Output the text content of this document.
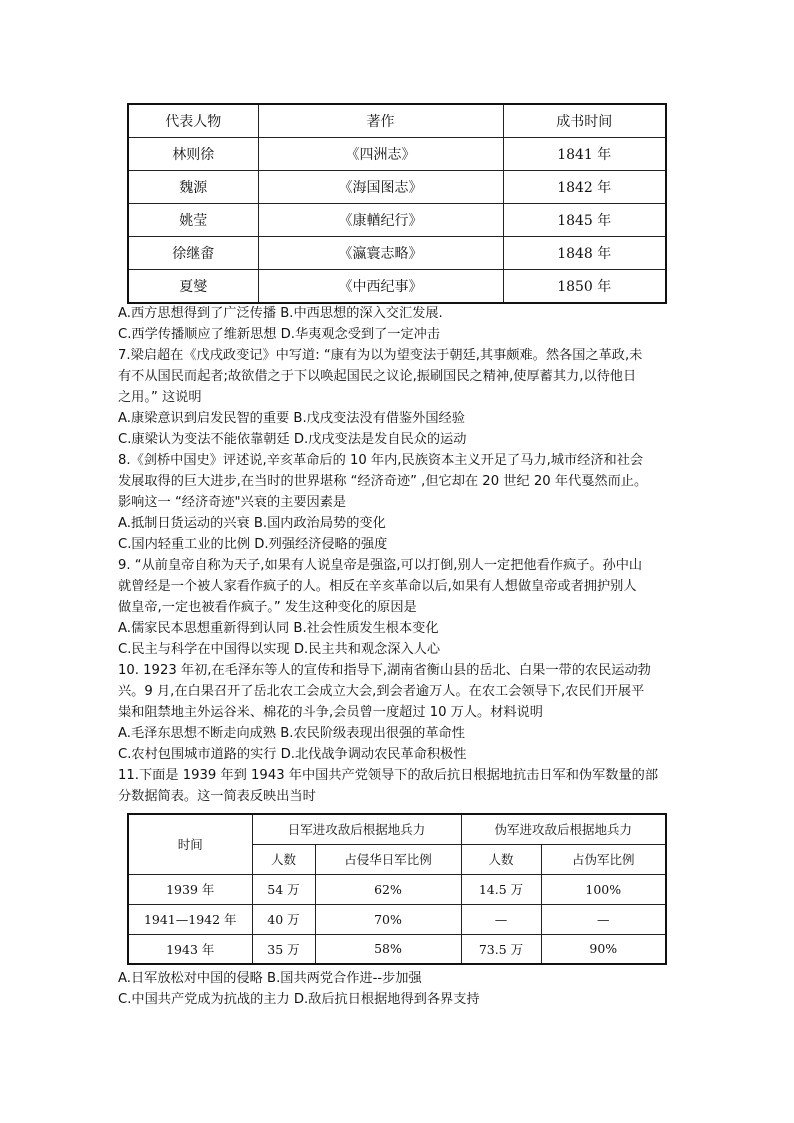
代表人物	著作	成书时间
林则徐	《四洲志》	1841 年
魏源	《海国图志》	1842 年
姚莹	《康輶纪行》	1845 年
徐继畬	《瀛寰志略》	1848 年
夏燮	《中西纪事》	1850 年
A.西方思想得到了广泛传播 B.中西思想的深入交汇发展.
C.西学传播顺应了维新思想 D.华夷观念受到了一定冲击
7.梁启超在《戊戌政变记》中写道: “康有为以为望变法于朝廷,其事颇难。然各国之革政,未
有不从国民而起者;故欲借之于下以唤起国民之议论,振刷国民之精神,使厚蓄其力,以待他日
之用。” 这说明
A.康梁意识到启发民智的重要 B.戊戌变法没有借鉴外国经验
C.康梁认为变法不能依靠朝廷 D.戊戌变法是发自民众的运动
8.《剑桥中国史》评述说,辛亥革命后的 10 年内,民族资本主义开足了马力,城市经济和社会
发展取得的巨大进步,在当时的世界堪称 “经济奇迹” ,但它却在 20 世纪 20 年代戛然而止。
影响这一 “经济奇迹"兴衰的主要因素是
A.抵制日货运动的兴衰 B.国内政治局势的变化
C.国内轻重工业的比例 D.列强经济侵略的强度
9. “从前皇帝自称为天子,如果有人说皇帝是强盗,可以打倒,别人一定把他看作疯子。孙中山
就曾经是一个被人家看作疯子的人。相反在辛亥革命以后,如果有人想做皇帝或者拥护别人
做皇帝,一定也被看作疯子。” 发生这种变化的原因是
A.儒家民本思想重新得到认同 B.社会性质发生根本变化
C.民主与科学在中国得以实现 D.民主共和观念深入人心
10. 1923 年初,在毛泽东等人的宣传和指导下,湖南省衡山县的岳北、白果一带的农民运动勃
兴。9 月,在白果召开了岳北农工会成立大会,到会者逾万人。在农工会领导下,农民们开展平
粜和阻禁地主外运谷米、棉花的斗争,会员曾一度超过 10 万人。材料说明
A.毛泽东思想不断走向成熟 B.农民阶级表现出很强的革命性
C.农村包围城市道路的实行 D.北伐战争调动农民革命积极性
11.下面是 1939 年到 1943 年中国共产党领导下的敌后抗日根据地抗击日军和伪军数量的部
分数据简表。这一简表反映出当时
时间	日军进攻敌后根据地兵力		伪军进攻敌后根据地兵力	
	人数	占侵华日军比例	人数	占伪军比例
1939 年	54 万	62%	14.5 万	100%
1941—1942 年	40 万	70%	—	—
1943 年	35 万	58%	73.5 万	90%
A.日军放松对中国的侵略 B.国共两党合作进--步加强
C.中国共产党成为抗战的主力 D.敌后抗日根据地得到各界支持
